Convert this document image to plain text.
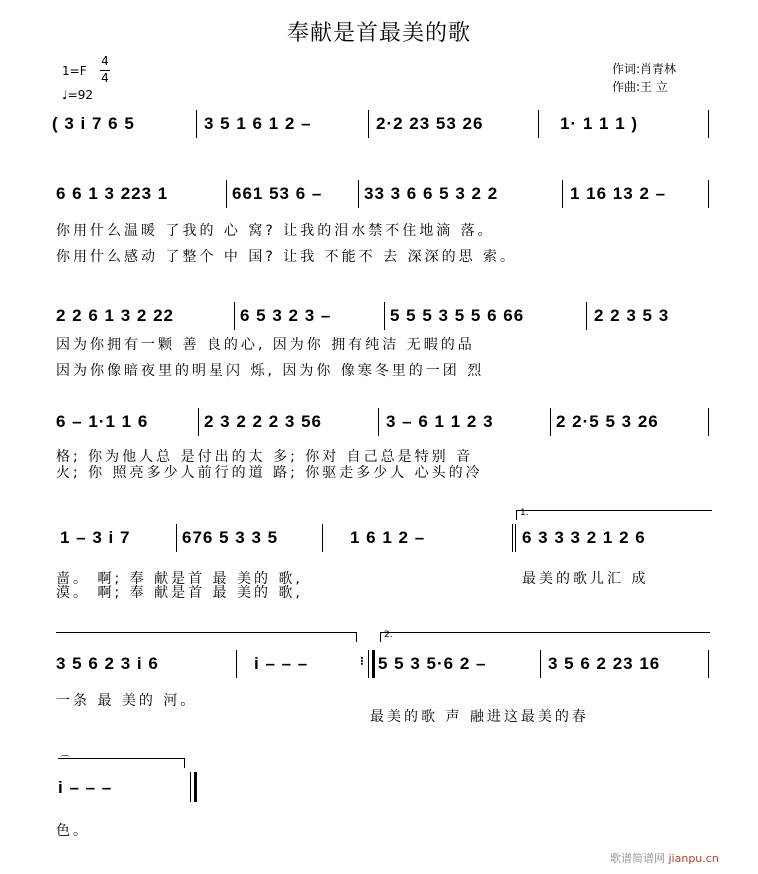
奉献是首最美的歌
1=F
4
4
♩=92
作词:肖青林
作曲:王 立
( 3 i 7 6 5	3 5 1 6 1 2 –	2·2 23 53 26	1· 1 1 1 )
6 6 1 3 223 1	661 53 6 – 33 3 6 6 5 3 2 2	1 16 13 2 –
你用什么温暖 了我的 心 窝? 让我的泪水禁不住地滴 落。
你用什么感动 了整个 中 国? 让我 不能不 去 深深的思 索。
2 2 6 1 3 2 22	6 5 3 2 3 –	5 5 5 3 5 5 6 66	2 2 3 5 3
因为你拥有一颗 善 良的心, 因为你 拥有纯洁 无暇的品
因为你像暗夜里的明星闪 烁, 因为你 像寒冬里的一团 烈
6 – 1·1 1 6	2 3 2 2 2 3 56	3 – 6 1 1 2 3	2 2·5 5 3 26
格; 你为他人总 是付出的太 多; 你对 自己总是特别 音
火; 你 照亮多少人前行的道 路; 你驱走多少人 心头的冷
1.
1 – 3 i 7	676 5 3 3 5	1 6 1 2 –	6 3 3 3 2 1 2 6
啬。 啊; 奉 献是首 最 美的 歌,
漠。 啊; 奉 献是首 最 美的 歌,
最美的歌儿汇 成
2.
3 5 6 2 3 i 6	i – – –	⁝ 5 5 3 5·6 2 –	3 5 6 2 23 16
一条 最 美的 河。
最美的歌 声 融进这最美的春
⌒
i – – –
色。
歌谱简谱网 jianpu.cn
